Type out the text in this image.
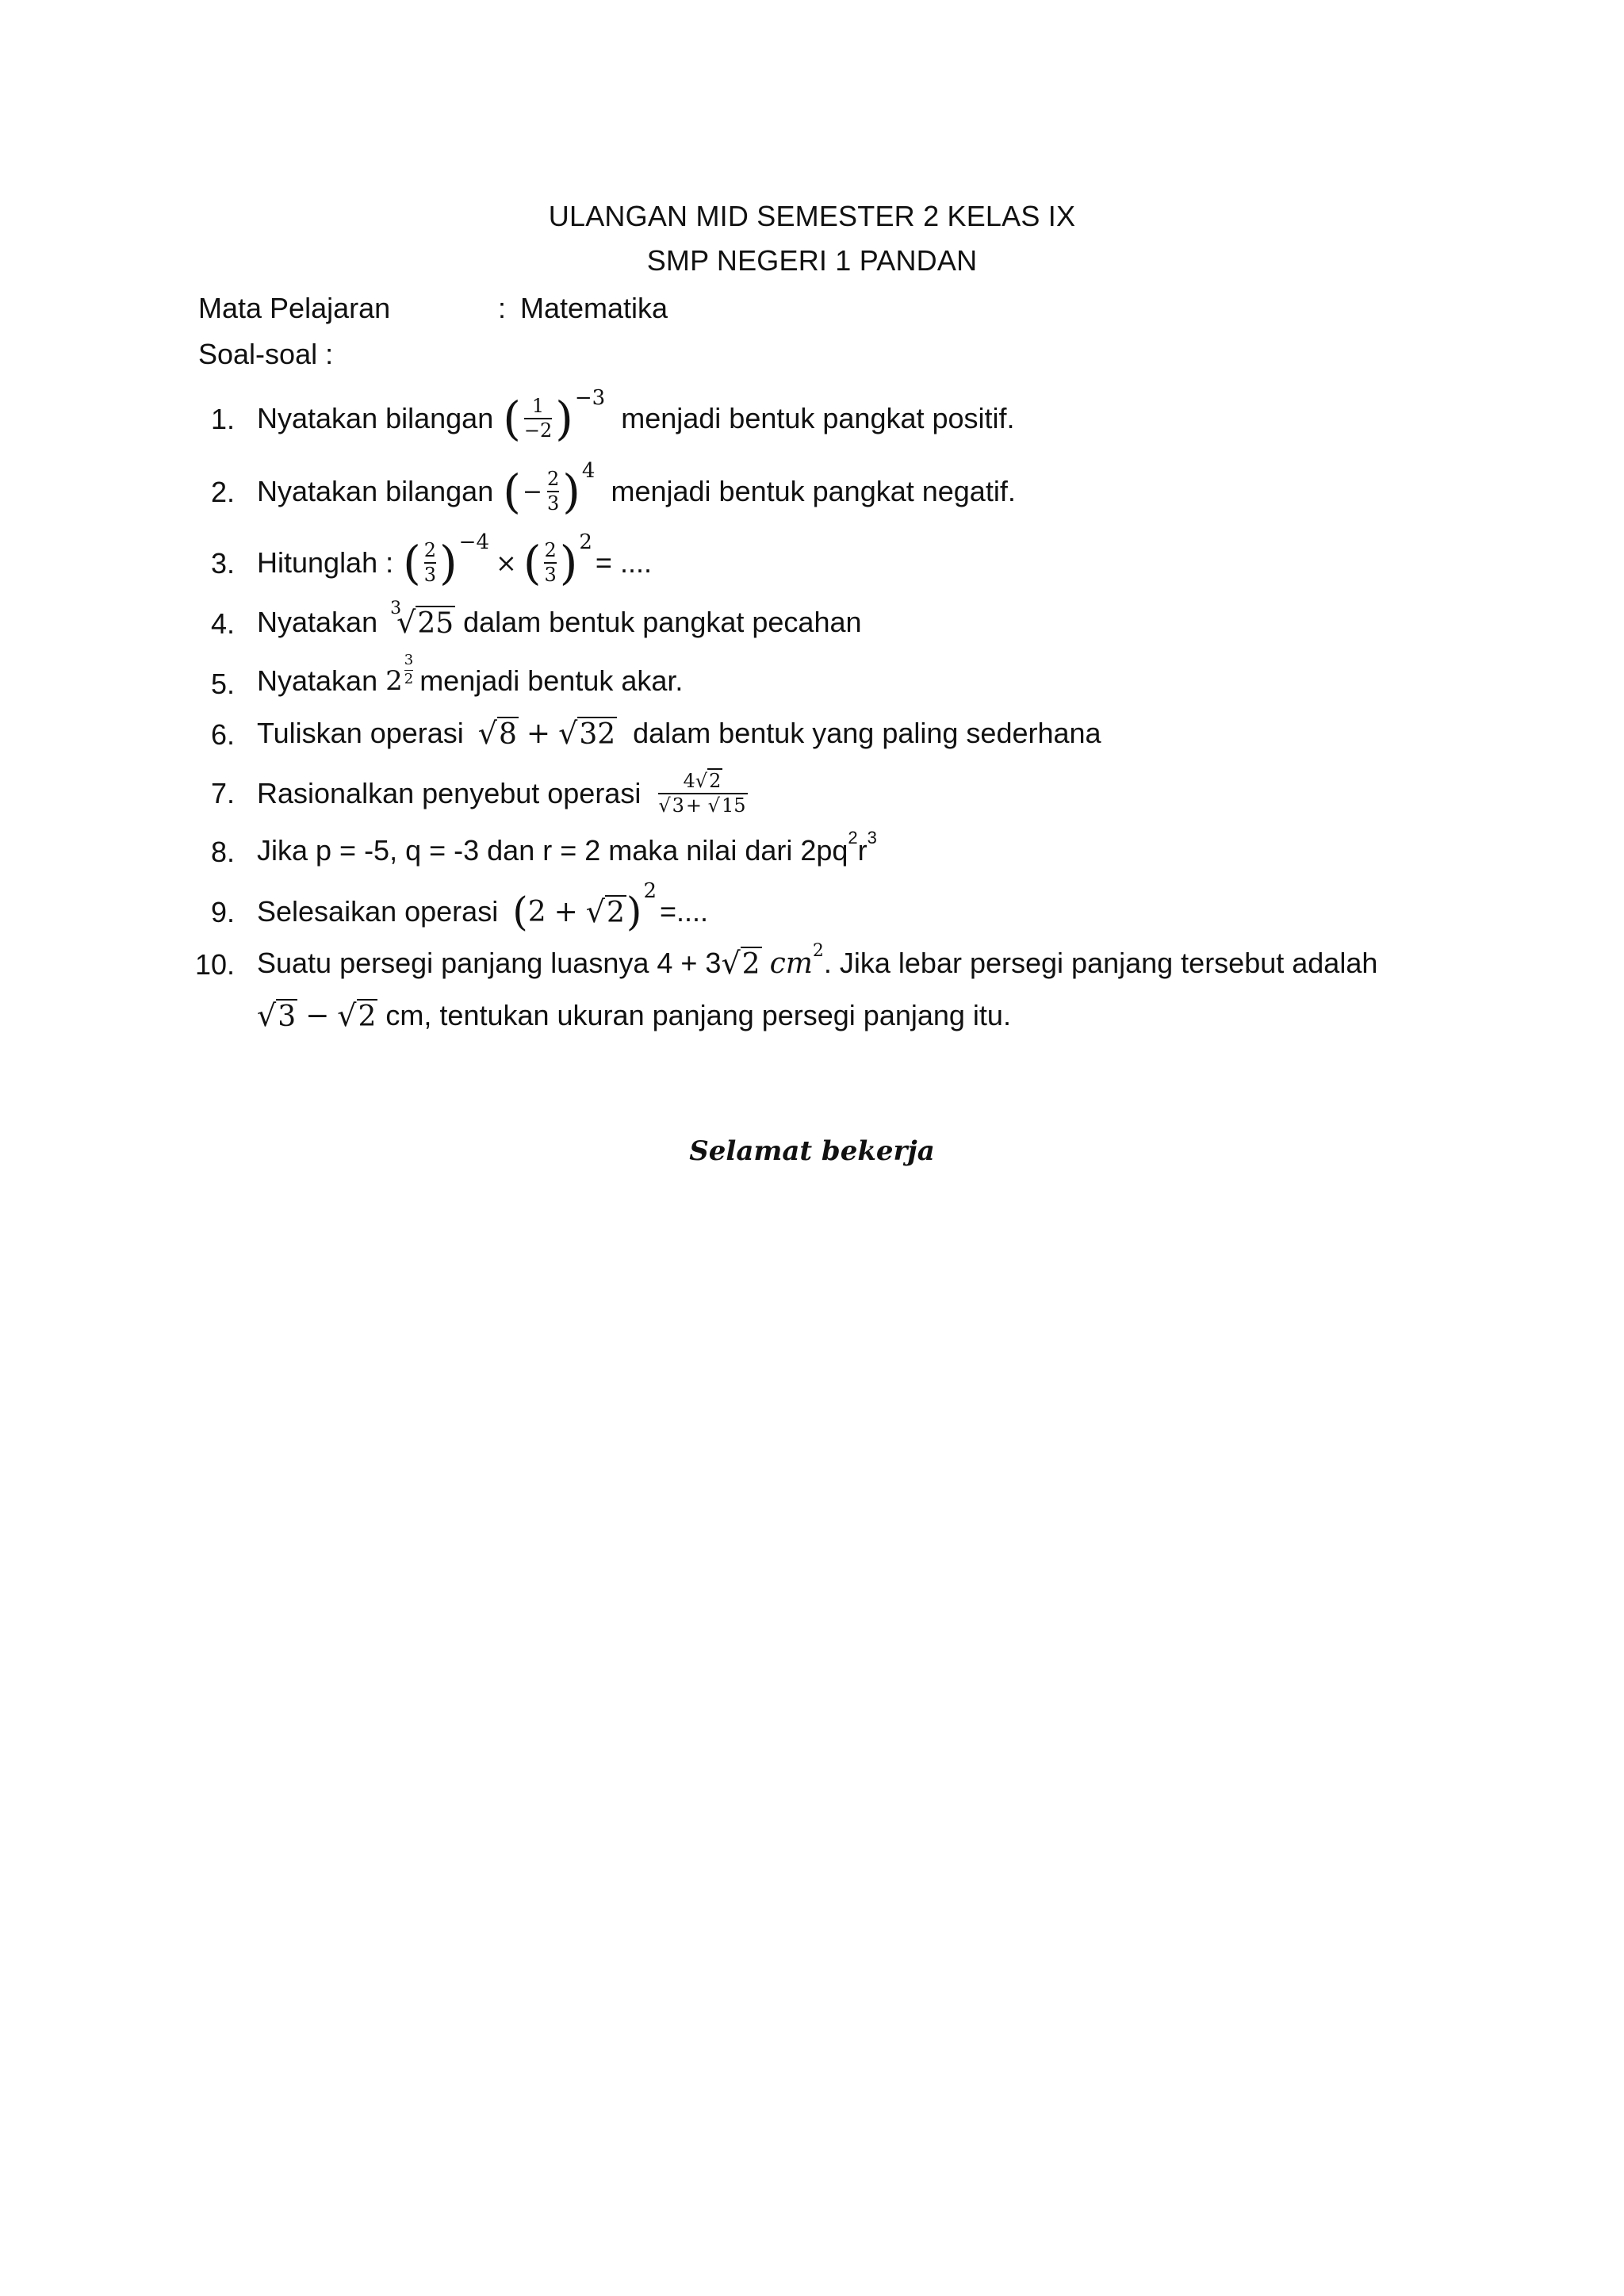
ULANGAN MID SEMESTER 2 KELAS IX
SMP NEGERI 1 PANDAN
Mata Pelajaran	: Matematika
Soal-soal :
1. Nyatakan bilangan ( $\frac{1}{-2}$ ) −3
menjadi bentuk pangkat positif.
2. Nyatakan bilangan ( − $\frac{2}{3}$ ) 4
menjadi bentuk pangkat negatif.
3. Hitunglah : ( $\frac{2}{3}$ ) −4
× ( $\frac{2}{3}$ ) 2
= ....
4. Nyatakan 3
√ 25 dalam bentuk pangkat pecahan
5. Nyatakan $2 \frac{3}{2}$ menjadi bentuk akar.
6. Tuliskan operasi √ 8 + √ 32 dalam bentuk yang paling sederhana
7. Rasionalkan penyebut operasi $\frac{4√2}{√3+ √15}$
8. Jika p = -5, q = -3 dan r = 2 maka nilai dari 2pq 2 r 3
9. Selesaikan operasi ( 2 + √ 2 ) 2
=....
10. Suatu persegi panjang luasnya 4 + 3 √ 2 cm 2 . Jika lebar persegi panjang tersebut adalah
√ 3 − √ 2 cm, tentukan ukuran panjang persegi panjang itu.
Selamat bekerja
